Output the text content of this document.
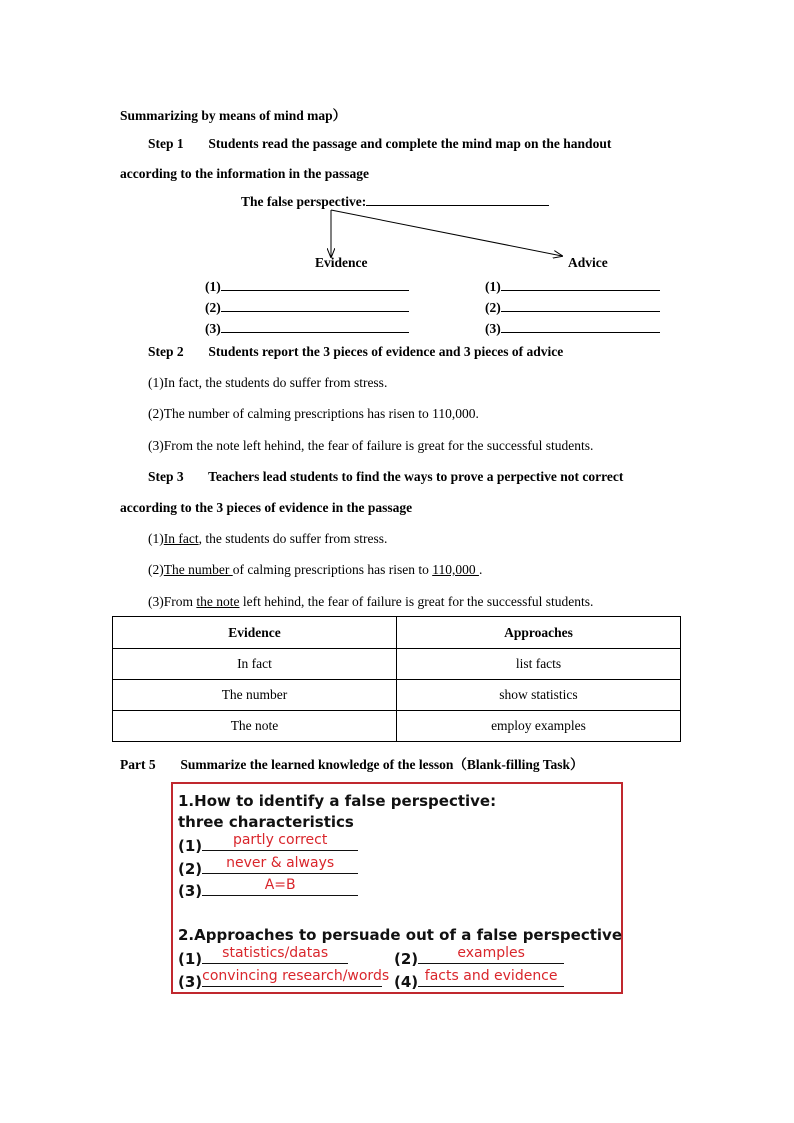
Summarizing by means of mind map）
Step 1 Students read the passage and complete the mind map on the handout
according to the information in the passage
The false perspective:
Evidence	Advice
(1)
(2)
(3)
(1)
(2)
(3)
Step 2 Students report the 3 pieces of evidence and 3 pieces of advice
(1)In fact, the students do suffer from stress.
(2)The number of calming prescriptions has risen to 110,000.
(3)From the note left hehind, the fear of failure is great for the successful students.
Step 3 Teachers lead students to find the ways to prove a perpective not correct
according to the 3 pieces of evidence in the passage
(1)In fact, the students do suffer from stress.
(2)The number of calming prescriptions has risen to 110,000 .
(3)From the note left hehind, the fear of failure is great for the successful students.
Evidence	Approaches
In fact	list facts
The number	show statistics
The note	employ examples
Part 5 Summarize the learned knowledge of the lesson（Blank-filling Task）
1.How to identify a false perspective:
three characteristics
(1)	partly correct
(2)	never & always
(3)	A=B
2.Approaches to persuade out of a false perspective
(1)	statistics/datas	(2)	examples
(3) convincing research/words (4) facts and evidence
